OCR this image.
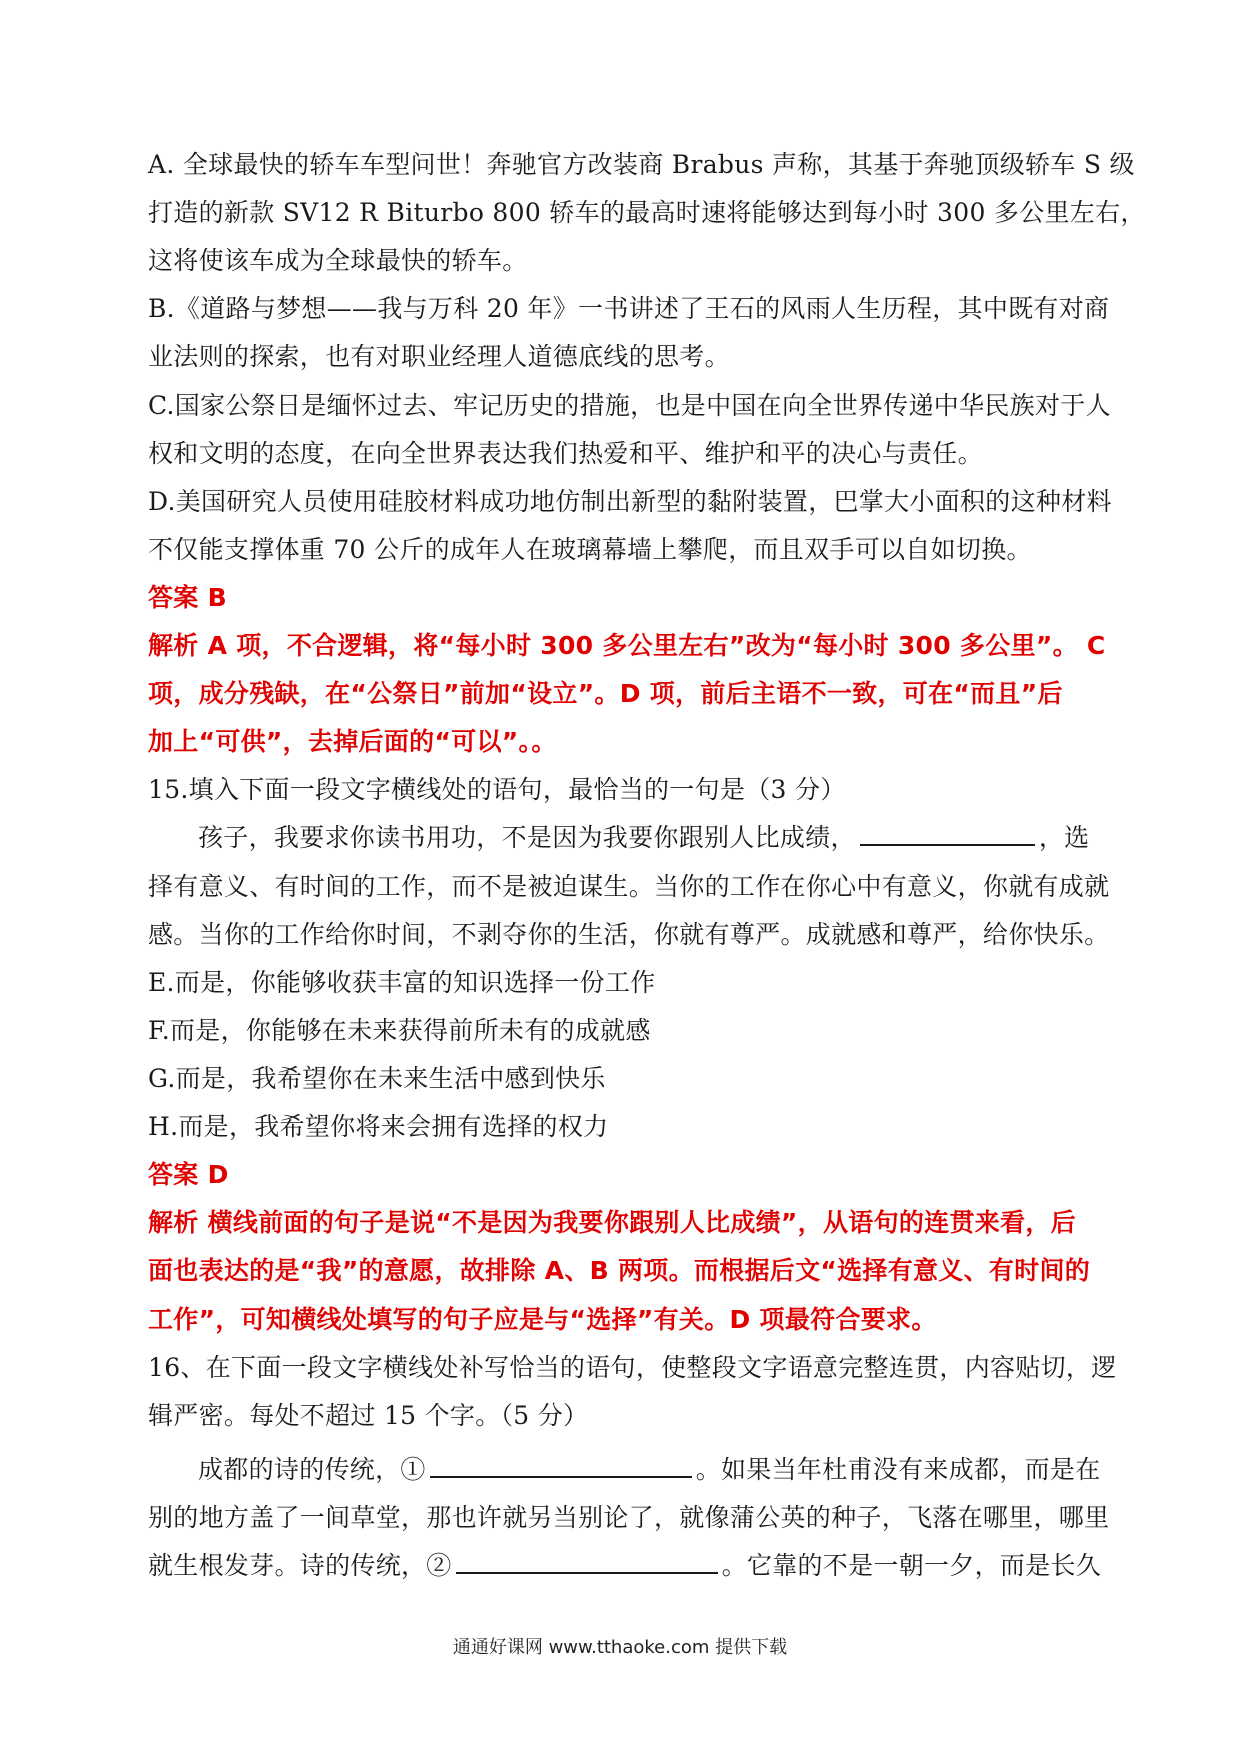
A. 全球最快的轿车车型问世！奔驰官方改装商 Brabus 声称，其基于奔驰顶级轿车 S 级
打造的新款 SV12 R Biturbo 800 轿车的最高时速将能够达到每小时 300 多公里左右，
这将使该车成为全球最快的轿车。
B.《道路与梦想——我与万科 20 年》一书讲述了王石的风雨人生历程，其中既有对商
业法则的探索，也有对职业经理人道德底线的思考。
C.国家公祭日是缅怀过去、牢记历史的措施，也是中国在向全世界传递中华民族对于人
权和文明的态度，在向全世界表达我们热爱和平、维护和平的决心与责任。
D.美国研究人员使用硅胶材料成功地仿制出新型的黏附装置，巴掌大小面积的这种材料
不仅能支撑体重 70 公斤的成年人在玻璃幕墙上攀爬，而且双手可以自如切换。
答案 B
解析 A 项，不合逻辑，将“每小时 300 多公里左右”改为“每小时 300 多公里”。 C
项，成分残缺，在“公祭日”前加“设立”。D 项，前后主语不一致，可在“而且”后
加上“可供”，去掉后面的“可以”。。
15.填入下面一段文字横线处的语句，最恰当的一句是（3 分）
孩子，我要求你读书用功，不是因为我要你跟别人比成绩，	，选
择有意义、有时间的工作，而不是被迫谋生。当你的工作在你心中有意义，你就有成就
感。当你的工作给你时间，不剥夺你的生活，你就有尊严。成就感和尊严，给你快乐。
E.而是，你能够收获丰富的知识选择一份工作
F.而是，你能够在未来获得前所未有的成就感
G.而是，我希望你在未来生活中感到快乐
H.而是，我希望你将来会拥有选择的权力
答案 D
解析 横线前面的句子是说“不是因为我要你跟别人比成绩”，从语句的连贯来看，后
面也表达的是“我”的意愿，故排除 A、B 两项。而根据后文“选择有意义、有时间的
工作”，可知横线处填写的句子应是与“选择”有关。D 项最符合要求。
16、在下面一段文字横线处补写恰当的语句，使整段文字语意完整连贯，内容贴切，逻
辑严密。每处不超过 15 个字。（5 分）
成都的诗的传统，①	。如果当年杜甫没有来成都，而是在
别的地方盖了一间草堂，那也许就另当别论了，就像蒲公英的种子，飞落在哪里，哪里
就生根发芽。诗的传统，②	。它靠的不是一朝一夕，而是长久
通通好课网 www.tthaoke.com 提供下载
